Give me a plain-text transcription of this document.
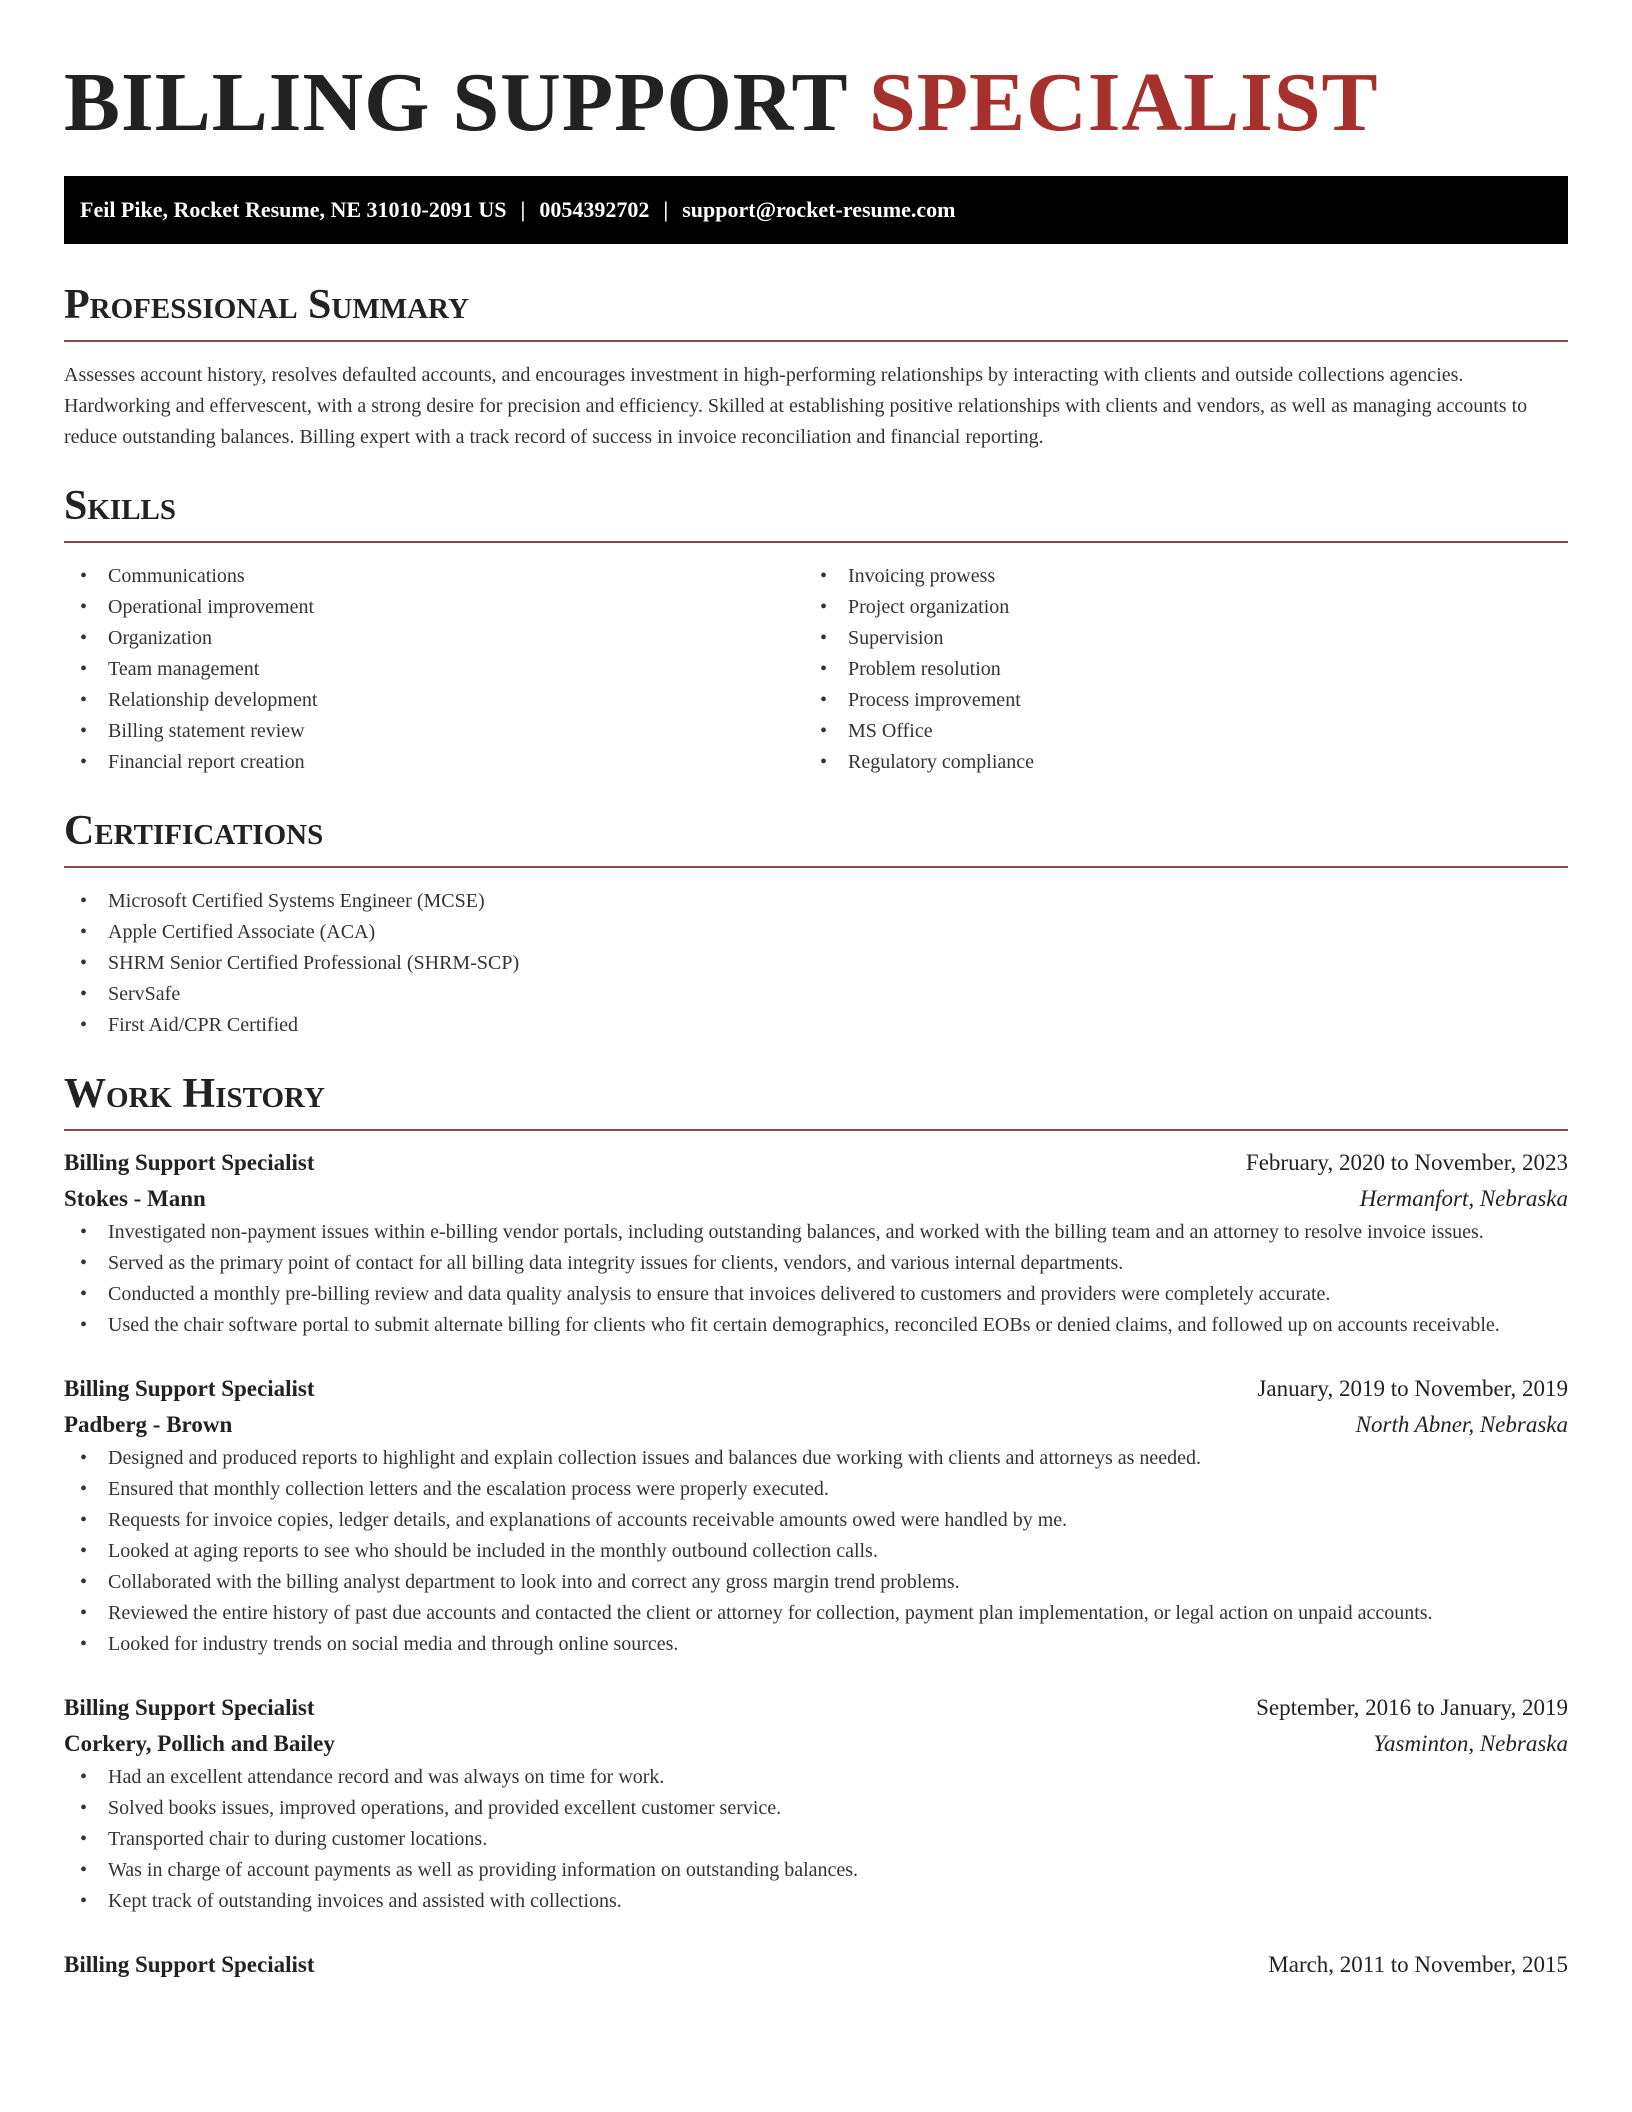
BILLING SUPPORT SPECIALIST
Feil Pike, Rocket Resume, NE 31010-2091 US | 0054392702 | support@rocket-resume.com
Professional Summary

Assesses account history, resolves defaulted accounts, and encourages investment in high-performing relationships by interacting with clients and outside collections agencies. Hardworking and effervescent, with a strong desire for precision and efficiency. Skilled at establishing positive relationships with clients and vendors, as well as managing accounts to reduce outstanding balances. Billing expert with a track record of success in invoice reconciliation and financial reporting.

Skills
• Communications
• Operational improvement
• Organization
• Team management
• Relationship development
• Billing statement review
• Financial report creation
• Invoicing prowess
• Project organization
• Supervision
• Problem resolution
• Process improvement
• MS Office
• Regulatory compliance
Certifications
• Microsoft Certified Systems Engineer (MCSE)
• Apple Certified Associate (ACA)
• SHRM Senior Certified Professional (SHRM-SCP)
• ServSafe
• First Aid/CPR Certified
Work History
Billing Support Specialist	February, 2020 to November, 2023
Stokes - Mann	Hermanfort, Nebraska
• Investigated non-payment issues within e-billing vendor portals, including outstanding balances, and worked with the billing team and an attorney to resolve invoice issues.
• Served as the primary point of contact for all billing data integrity issues for clients, vendors, and various internal departments.
• Conducted a monthly pre-billing review and data quality analysis to ensure that invoices delivered to customers and providers were completely accurate.
• Used the chair software portal to submit alternate billing for clients who fit certain demographics, reconciled EOBs or denied claims, and followed up on accounts receivable.
Billing Support Specialist	January, 2019 to November, 2019
Padberg - Brown	North Abner, Nebraska
• Designed and produced reports to highlight and explain collection issues and balances due working with clients and attorneys as needed.
• Ensured that monthly collection letters and the escalation process were properly executed.
• Requests for invoice copies, ledger details, and explanations of accounts receivable amounts owed were handled by me.
• Looked at aging reports to see who should be included in the monthly outbound collection calls.
• Collaborated with the billing analyst department to look into and correct any gross margin trend problems.
• Reviewed the entire history of past due accounts and contacted the client or attorney for collection, payment plan implementation, or legal action on unpaid accounts.
• Looked for industry trends on social media and through online sources.
Billing Support Specialist	September, 2016 to January, 2019
Corkery, Pollich and Bailey	Yasminton, Nebraska
• Had an excellent attendance record and was always on time for work.
• Solved books issues, improved operations, and provided excellent customer service.
• Transported chair to during customer locations.
• Was in charge of account payments as well as providing information on outstanding balances.
• Kept track of outstanding invoices and assisted with collections.
Billing Support Specialist	March, 2011 to November, 2015
